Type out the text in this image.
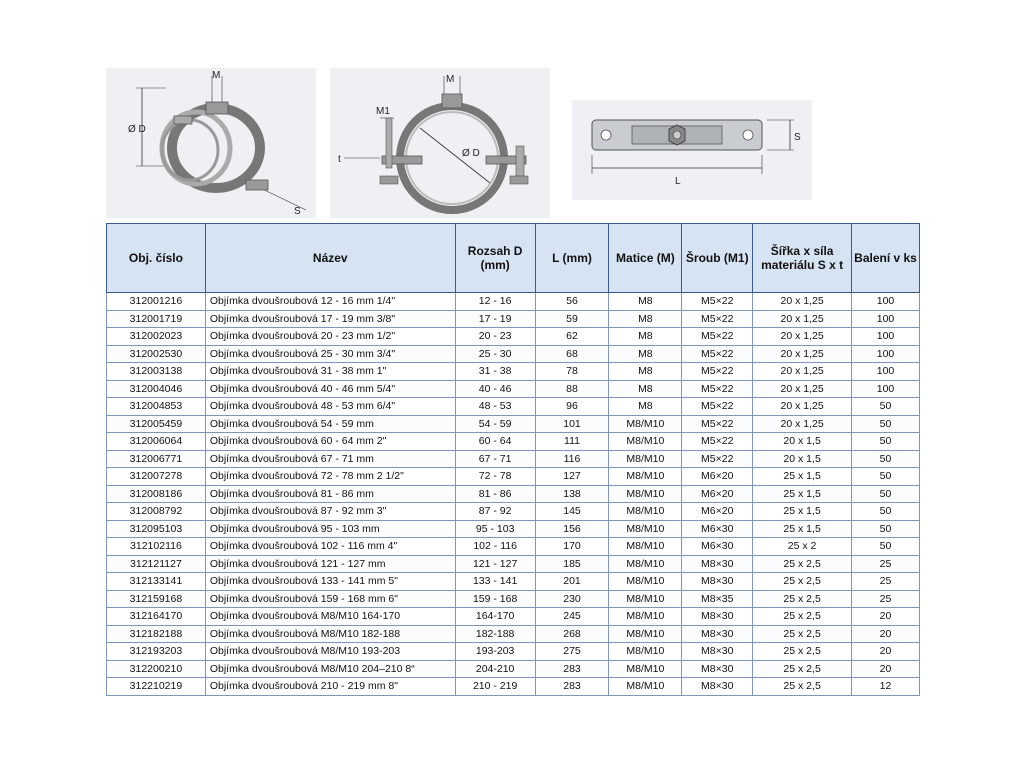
Ø D
M
S
M
M1
t
Ø D
S
L
Obj. číslo	Název	Rozsah D (mm)	L (mm)	Matice (M)	Šroub (M1)	Šířka x síla materiálu S x t	Balení v ks
312001216	Objímka dvoušroubová 12 - 16 mm 1/4"	12 - 16	56	M8	M5×22	20 x 1,25	100
312001719	Objímka dvoušroubová 17 - 19 mm 3/8"	17 - 19	59	M8	M5×22	20 x 1,25	100
312002023	Objímka dvoušroubová 20 - 23 mm 1/2"	20 - 23	62	M8	M5×22	20 x 1,25	100
312002530	Objímka dvoušroubová 25 - 30 mm 3/4"	25 - 30	68	M8	M5×22	20 x 1,25	100
312003138	Objímka dvoušroubová 31 - 38 mm 1"	31 - 38	78	M8	M5×22	20 x 1,25	100
312004046	Objímka dvoušroubová 40 - 46 mm 5/4"	40 - 46	88	M8	M5×22	20 x 1,25	100
312004853	Objímka dvoušroubová 48 - 53 mm 6/4"	48 - 53	96	M8	M5×22	20 x 1,25	50
312005459	Objímka dvoušroubová 54 - 59 mm	54 - 59	101	M8/M10	M5×22	20 x 1,25	50
312006064	Objímka dvoušroubová 60 - 64 mm 2"	60 - 64	111	M8/M10	M5×22	20 x 1,5	50
312006771	Objímka dvoušroubová 67 - 71 mm	67 - 71	116	M8/M10	M5×22	20 x 1,5	50
312007278	Objímka dvoušroubová 72 - 78 mm 2 1/2"	72 - 78	127	M8/M10	M6×20	25 x 1,5	50
312008186	Objímka dvoušroubová 81 - 86 mm	81 - 86	138	M8/M10	M6×20	25 x 1,5	50
312008792	Objímka dvoušroubová 87 - 92 mm 3"	87 - 92	145	M8/M10	M6×20	25 x 1,5	50
312095103	Objímka dvoušroubová 95 - 103 mm	95 - 103	156	M8/M10	M6×30	25 x 1,5	50
312102116	Objímka dvoušroubová 102 - 116 mm 4"	102 - 116	170	M8/M10	M6×30	25 x 2	50
312121127	Objímka dvoušroubová 121 - 127 mm	121 - 127	185	M8/M10	M8×30	25 x 2,5	25
312133141	Objímka dvoušroubová 133 - 141 mm 5"	133 - 141	201	M8/M10	M8×30	25 x 2,5	25
312159168	Objímka dvoušroubová 159 - 168 mm 6"	159 - 168	230	M8/M10	M8×35	25 x 2,5	25
312164170	Objímka dvoušroubová M8/M10 164-170	164-170	245	M8/M10	M8×30	25 x 2,5	20
312182188	Objímka dvoušroubová M8/M10 182-188	182-188	268	M8/M10	M8×30	25 x 2,5	20
312193203	Objímka dvoušroubová M8/M10 193-203	193-203	275	M8/M10	M8×30	25 x 2,5	20
312200210	Objímka dvoušroubová M8/M10 204–210 8“	204-210	283	M8/M10	M8×30	25 x 2,5	20
312210219	Objímka dvoušroubová 210 - 219 mm 8"	210 - 219	283	M8/M10	M8×30	25 x 2,5	12
